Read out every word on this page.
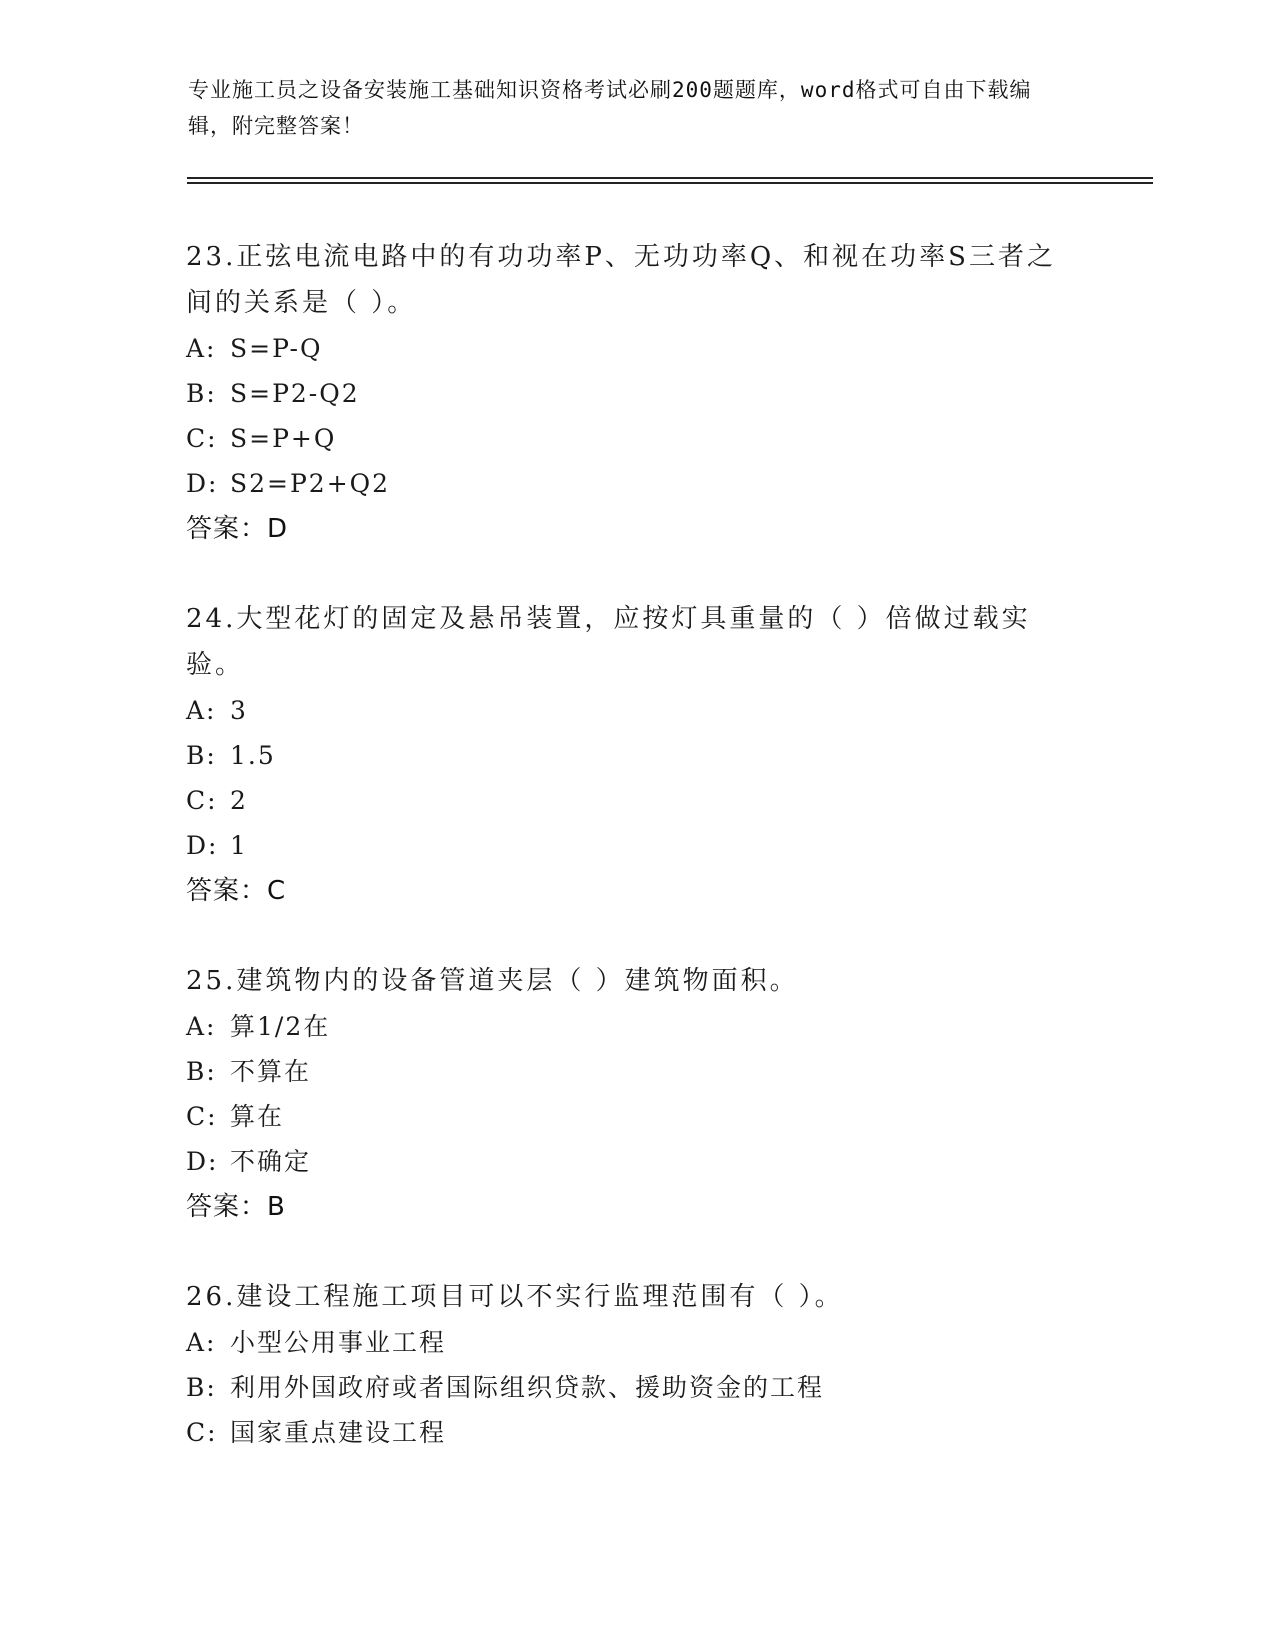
专业施工员之设备安装施工基础知识资格考试必刷200题题库，word格式可自由下载编辑，附完整答案！

23.正弦电流电路中的有功功率P、无功功率Q、和视在功率S三者之间的关系是（ ）。

A: S=P-Q

B: S=P2-Q2

C: S=P+Q

D: S2=P2+Q2

答案：D

24.大型花灯的固定及悬吊装置，应按灯具重量的（ ）倍做过载实验。

A: 3

B: 1.5

C: 2

D: 1

答案：C

25.建筑物内的设备管道夹层（ ）建筑物面积。

A: 算1/2在

B: 不算在

C: 算在

D: 不确定

答案：B

26.建设工程施工项目可以不实行监理范围有（ ）。

A: 小型公用事业工程

B: 利用外国政府或者国际组织贷款、援助资金的工程

C: 国家重点建设工程
